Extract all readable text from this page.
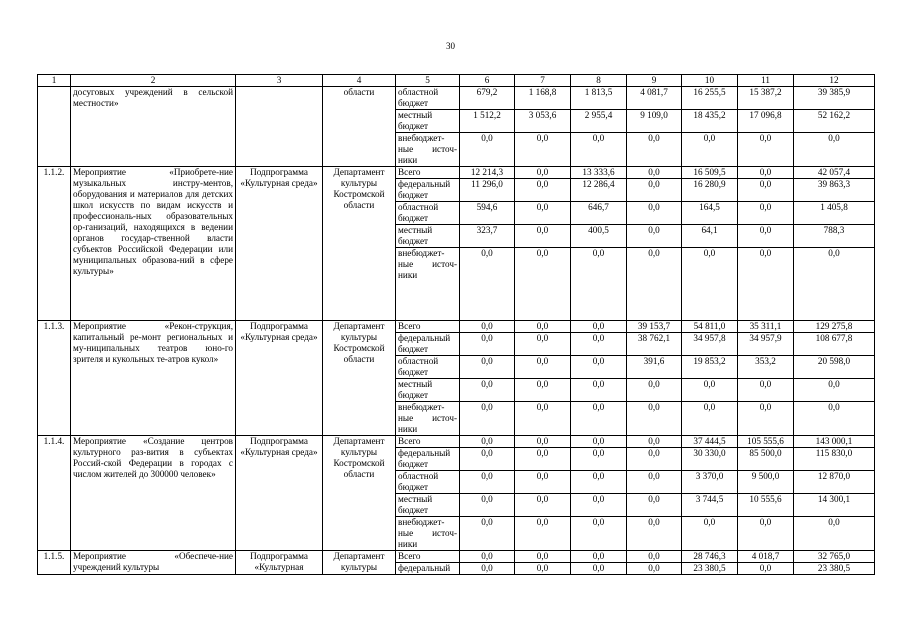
30
1	2	3	4	5	6	7	8	9	10	11	12
	досуговых учреждений в сельской местности»		области	областной бюджет	679,2	1 168,8	1 813,5	4 081,7	16 255,5	15 387,2	39 385,9
				местный бюджет	1 512,2	3 053,6	2 955,4	9 109,0	18 435,2	17 096,8	52 162,2
				внебюджет-ные источ-ники	0,0	0,0	0,0	0,0	0,0	0,0	0,0
1.1.2.	Мероприятие «Приобрете-ние музыкальных инстру-ментов, оборудования и материалов для детских школ искусств по видам искусств и профессиональ-ных образовательных ор-ганизаций, находящихся в ведении органов государ-ственной власти субъектов Российской Федерации или муниципальных образова-ний в сфере культуры»	Подпрограмма «Культурная среда»	Департамент культуры Костромской области	Всего	12 214,3	0,0	13 333,6	0,0	16 509,5	0,0	42 057,4
				федеральный бюджет	11 296,0	0,0	12 286,4	0,0	16 280,9	0,0	39 863,3
				областной бюджет	594,6	0,0	646,7	0,0	164,5	0,0	1 405,8
				местный бюджет	323,7	0,0	400,5	0,0	64,1	0,0	788,3
				внебюджет-ные источ-ники	0,0	0,0	0,0	0,0	0,0	0,0	0,0
1.1.3.	Мероприятие «Рекон-струкция, капитальный ре-монт региональных и му-ниципальных театров юно-го зрителя и кукольных те-атров кукол»	Подпрограмма «Культурная среда»	Департамент культуры Костромской области	Всего	0,0	0,0	0,0	39 153,7	54 811,0	35 311,1	129 275,8
				федеральный бюджет	0,0	0,0	0,0	38 762,1	34 957,8	34 957,9	108 677,8
				областной бюджет	0,0	0,0	0,0	391,6	19 853,2	353,2	20 598,0
				местный бюджет	0,0	0,0	0,0	0,0	0,0	0,0	0,0
				внебюджет-ные источ-ники	0,0	0,0	0,0	0,0	0,0	0,0	0,0
1.1.4.	Мероприятие «Создание центров культурного раз-вития в субъектах Россий-ской Федерации в городах с числом жителей до 300000 человек»	Подпрограмма «Культурная среда»	Департамент культуры Костромской области	Всего	0,0	0,0	0,0	0,0	37 444,5	105 555,6	143 000,1
				федеральный бюджет	0,0	0,0	0,0	0,0	30 330,0	85 500,0	115 830,0
				областной бюджет	0,0	0,0	0,0	0,0	3 370,0	9 500,0	12 870,0
				местный бюджет	0,0	0,0	0,0	0,0	3 744,5	10 555,6	14 300,1
				внебюджет-ные источ-ники	0,0	0,0	0,0	0,0	0,0	0,0	0,0
1.1.5.	Мероприятие «Обеспече-ние учреждений культуры	Подпрограмма «Культурная	Департамент культуры	Всего	0,0	0,0	0,0	0,0	28 746,3	4 018,7	32 765,0
				федеральный	0,0	0,0	0,0	0,0	23 380,5	0,0	23 380,5
